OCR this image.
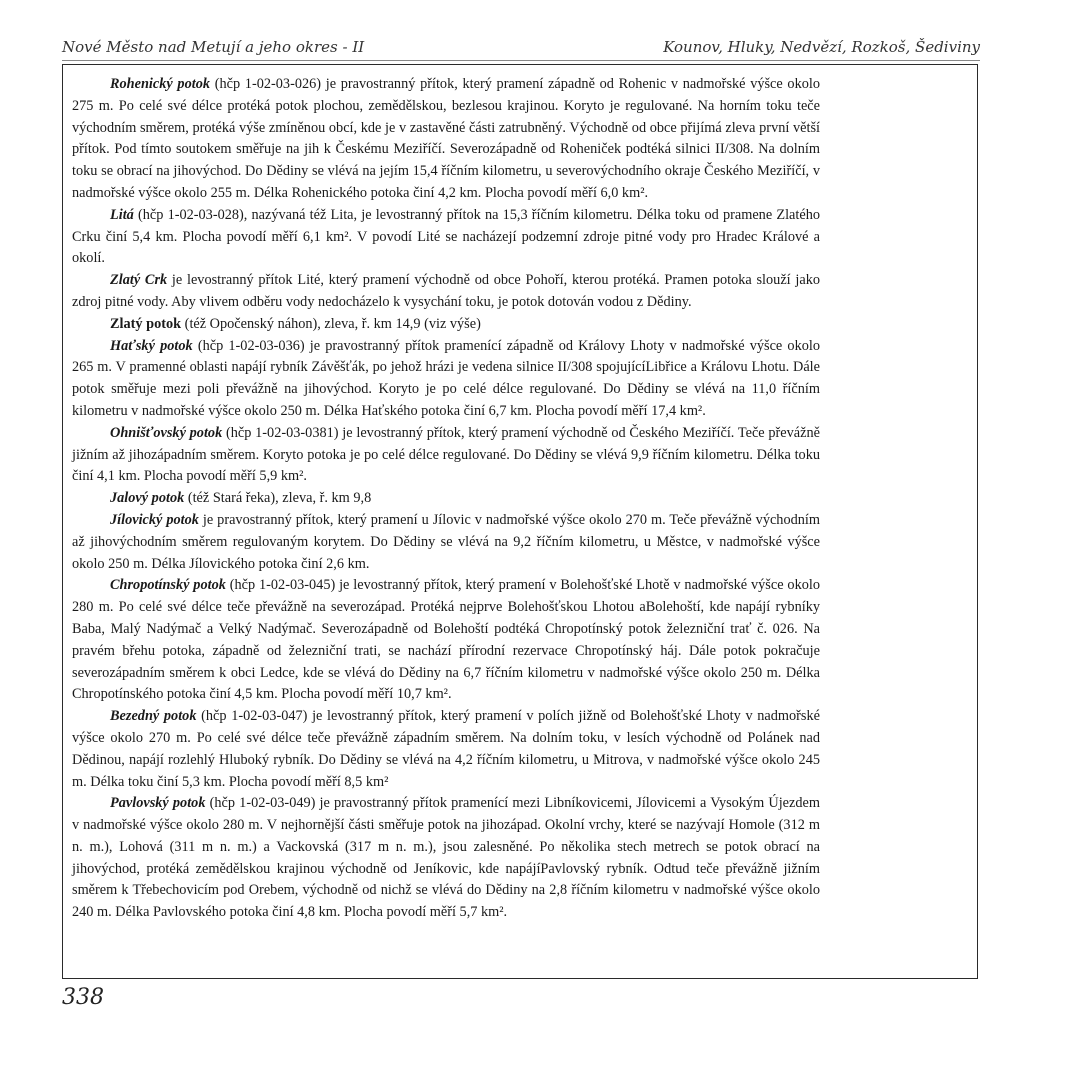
Nové Město nad Metují a jeho okres - II	Kounov, Hluky, Nedvězí, Rozkoš, Šediviny

Rohenický potok (hčp 1-02-03-026) je pravostranný přítok, který pramení západně od Rohenic v nadmořské výšce okolo 275 m. Po celé své délce protéká potok plochou, zemědělskou, bezlesou krajinou. Koryto je regulované. Na horním toku teče východním směrem, protéká výše zmíněnou obcí, kde je v zastavěné části zatrubněný. Východně od obce přijímá zleva první větší přítok. Pod tímto soutokem směřuje na jih k Českému Meziříčí. Severozápadně od Roheniček podtéká silnici II/308. Na dolním toku se obrací na jihovýchod. Do Dědiny se vlévá na jejím 15,4 říčním kilometru, u severovýchodního okraje Českého Meziříčí, v nadmořské výšce okolo 255 m. Délka Rohenického potoka činí 4,2 km. Plocha povodí měří 6,0 km².

Litá (hčp 1-02-03-028), nazývaná též Lita, je levostranný přítok na 15,3 říčním kilometru. Délka toku od pramene Zlatého Crku činí 5,4 km. Plocha povodí měří 6,1 km². V povodí Lité se nacházejí podzemní zdroje pitné vody pro Hradec Králové a okolí.

Zlatý Crk je levostranný přítok Lité, který pramení východně od obce Pohoří, kterou protéká. Pramen potoka slouží jako zdroj pitné vody. Aby vlivem odběru vody nedocházelo k vysychání toku, je potok dotován vodou z Dědiny.

Zlatý potok (též Opočenský náhon), zleva, ř. km 14,9 (viz výše)

Haťský potok (hčp 1-02-03-036) je pravostranný přítok pramenící západně od Královy Lhoty v nadmořské výšce okolo 265 m. V pramenné oblasti napájí rybník Závěšťák, po jehož hrázi je vedena silnice II/308 spojujícíLibřice a Královu Lhotu. Dále potok směřuje mezi poli převážně na jihovýchod. Koryto je po celé délce regulované. Do Dědiny se vlévá na 11,0 říčním kilometru v nadmořské výšce okolo 250 m. Délka Haťského potoka činí 6,7 km. Plocha povodí měří 17,4 km².

Ohnišťovský potok (hčp 1-02-03-0381) je levostranný přítok, který pramení východně od Českého Meziříčí. Teče převážně jižním až jihozápadním směrem. Koryto potoka je po celé délce regulované. Do Dědiny se vlévá 9,9 říčním kilometru. Délka toku činí 4,1 km. Plocha povodí měří 5,9 km².

Jalový potok (též Stará řeka), zleva, ř. km 9,8

Jílovický potok je pravostranný přítok, který pramení u Jílovic v nadmořské výšce okolo 270 m. Teče převážně východním až jihovýchodním směrem regulovaným korytem. Do Dědiny se vlévá na 9,2 říčním kilometru, u Městce, v nadmořské výšce okolo 250 m. Délka Jílovického potoka činí 2,6 km.

Chropotínský potok (hčp 1-02-03-045) je levostranný přítok, který pramení v Bolehošťské Lhotě v nadmořské výšce okolo 280 m. Po celé své délce teče převážně na severozápad. Protéká nejprve Bolehošťskou Lhotou aBolehoští, kde napájí rybníky Baba, Malý Nadýmač a Velký Nadýmač. Severozápadně od Bolehoští podtéká Chropotínský potok železniční trať č. 026. Na pravém břehu potoka, západně od železniční trati, se nachází přírodní rezervace Chropotínský háj. Dále potok pokračuje severozápadním směrem k obci Ledce, kde se vlévá do Dědiny na 6,7 říčním kilometru v nadmořské výšce okolo 250 m. Délka Chropotínského potoka činí 4,5 km. Plocha povodí měří 10,7 km².

Bezedný potok (hčp 1-02-03-047) je levostranný přítok, který pramení v polích jižně od Bolehošťské Lhoty v nadmořské výšce okolo 270 m. Po celé své délce teče převážně západním směrem. Na dolním toku, v lesích východně od Polánek nad Dědinou, napájí rozlehlý Hluboký rybník. Do Dědiny se vlévá na 4,2 říčním kilometru, u Mitrova, v nadmořské výšce okolo 245 m. Délka toku činí 5,3 km. Plocha povodí měří 8,5 km²

Pavlovský potok (hčp 1-02-03-049) je pravostranný přítok pramenící mezi Libníkovicemi, Jílovicemi a Vysokým Újezdem v nadmořské výšce okolo 280 m. V nejhornější části směřuje potok na jihozápad. Okolní vrchy, které se nazývají Homole (312 m n. m.), Lohová (311 m n. m.) a Vackovská (317 m n. m.), jsou zalesněné. Po několika stech metrech se potok obrací na jihovýchod, protéká zemědělskou krajinou východně od Jeníkovic, kde napájíPavlovský rybník. Odtud teče převážně jižním směrem k Třebechovicím pod Orebem, východně od nichž se vlévá do Dědiny na 2,8 říčním kilometru v nadmořské výšce okolo 240 m. Délka Pavlovského potoka činí 4,8 km. Plocha povodí měří 5,7 km².

338
